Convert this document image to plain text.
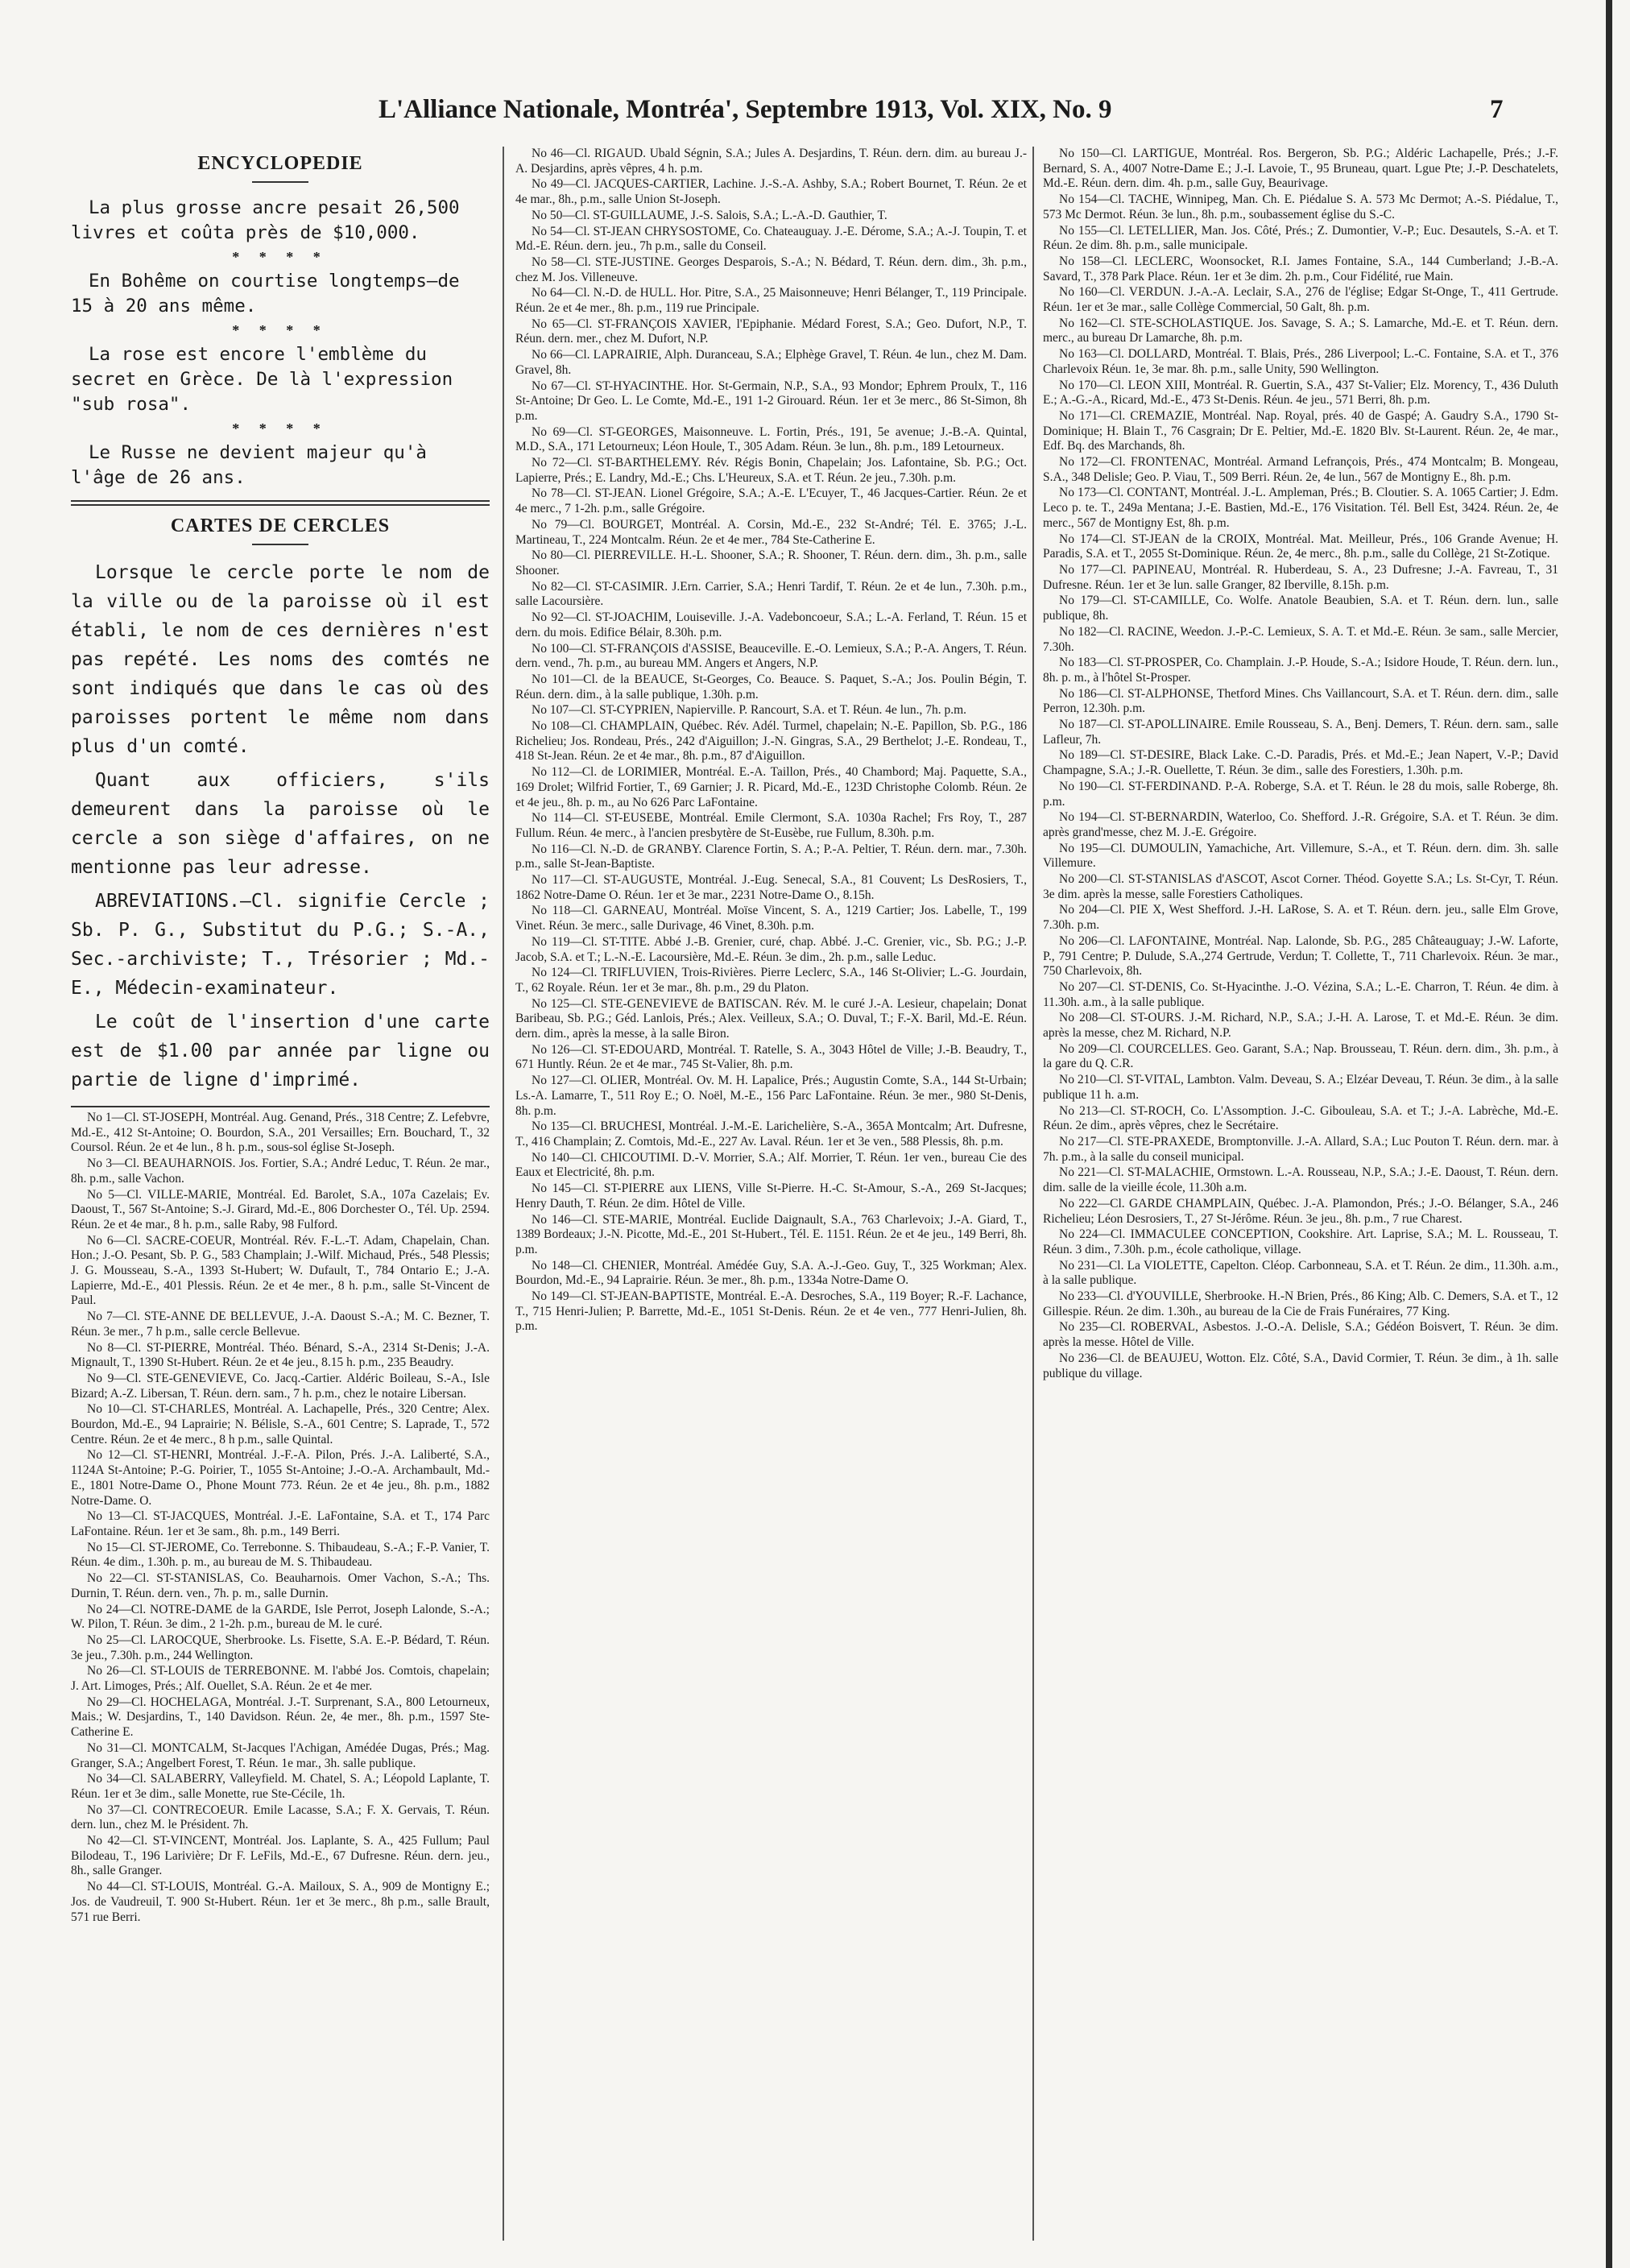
L'Alliance Nationale, Montréa', Septembre 1913, Vol. XIX, No. 9	7
ENCYCLOPEDIE

La plus grosse ancre pesait 26,500 livres et coûta près de $10,000.

* * * *

En Bohême on courtise longtemps—de 15 à 20 ans même.

* * * *

La rose est encore l'emblème du secret en Grèce. De là l'expression "sub rosa".

* * * *

Le Russe ne devient majeur qu'à l'âge de 26 ans.

CARTES DE CERCLES

Lorsque le cercle porte le nom de la ville ou de la paroisse où il est établi, le nom de ces dernières n'est pas repété. Les noms des comtés ne sont indiqués que dans le cas où des paroisses portent le même nom dans plus d'un comté.

Quant aux officiers, s'ils demeurent dans la paroisse où le cercle a son siège d'affaires, on ne mentionne pas leur adresse.

ABREVIATIONS.—Cl. signifie Cercle ; Sb. P. G., Substitut du P.G.; S.-A., Sec.-archiviste; T., Trésorier ; Md.-E., Médecin-examinateur.

Le coût de l'insertion d'une carte est de $1.00 par année par ligne ou partie de ligne d'imprimé.

No 1—Cl. ST-JOSEPH, Montréal. Aug. Genand, Prés., 318 Centre; Z. Lefebvre, Md.-E., 412 St-Antoine; O. Bourdon, S.A., 201 Versailles; Ern. Bouchard, T., 32 Coursol. Réun. 2e et 4e lun., 8 h. p.m., sous-sol église St-Joseph.

No 3—Cl. BEAUHARNOIS. Jos. Fortier, S.A.; André Leduc, T. Réun. 2e mar., 8h. p.m., salle Vachon.

No 5—Cl. VILLE-MARIE, Montréal. Ed. Barolet, S.A., 107a Cazelais; Ev. Daoust, T., 567 St-Antoine; S.-J. Girard, Md.-E., 806 Dorchester O., Tél. Up. 2594. Réun. 2e et 4e mar., 8 h. p.m., salle Raby, 98 Fulford.

No 6—Cl. SACRE-COEUR, Montréal. Rév. F.-L.-T. Adam, Chapelain, Chan. Hon.; J.-O. Pesant, Sb. P. G., 583 Champlain; J.-Wilf. Michaud, Prés., 548 Plessis; J. G. Mousseau, S.-A., 1393 St-Hubert; W. Dufault, T., 784 Ontario E.; J.-A. Lapierre, Md.-E., 401 Plessis. Réun. 2e et 4e mer., 8 h. p.m., salle St-Vincent de Paul.

No 7—Cl. STE-ANNE DE BELLEVUE, J.-A. Daoust S.-A.; M. C. Bezner, T. Réun. 3e mer., 7 h p.m., salle cercle Bellevue.

No 8—Cl. ST-PIERRE, Montréal. Théo. Bénard, S.-A., 2314 St-Denis; J.-A. Mignault, T., 1390 St-Hubert. Réun. 2e et 4e jeu., 8.15 h. p.m., 235 Beaudry.

No 9—Cl. STE-GENEVIEVE, Co. Jacq.-Cartier. Aldéric Boileau, S.-A., Isle Bizard; A.-Z. Libersan, T. Réun. dern. sam., 7 h. p.m., chez le notaire Libersan.

No 10—Cl. ST-CHARLES, Montréal. A. Lachapelle, Prés., 320 Centre; Alex. Bourdon, Md.-E., 94 Laprairie; N. Bélisle, S.-A., 601 Centre; S. Laprade, T., 572 Centre. Réun. 2e et 4e merc., 8 h p.m., salle Quintal.

No 12—Cl. ST-HENRI, Montréal. J.-F.-A. Pilon, Prés. J.-A. Laliberté, S.A., 1124A St-Antoine; P.-G. Poirier, T., 1055 St-Antoine; J.-O.-A. Archambault, Md.-E., 1801 Notre-Dame O., Phone Mount 773. Réun. 2e et 4e jeu., 8h. p.m., 1882 Notre-Dame. O.

No 13—Cl. ST-JACQUES, Montréal. J.-E. LaFontaine, S.A. et T., 174 Parc LaFontaine. Réun. 1er et 3e sam., 8h. p.m., 149 Berri.

No 15—Cl. ST-JEROME, Co. Terrebonne. S. Thibaudeau, S.-A.; F.-P. Vanier, T. Réun. 4e dim., 1.30h. p. m., au bureau de M. S. Thibaudeau.

No 22—Cl. ST-STANISLAS, Co. Beauharnois. Omer Vachon, S.-A.; Ths. Durnin, T. Réun. dern. ven., 7h. p. m., salle Durnin.

No 24—Cl. NOTRE-DAME de la GARDE, Isle Perrot, Joseph Lalonde, S.-A.; W. Pilon, T. Réun. 3e dim., 2 1-2h. p.m., bureau de M. le curé.

No 25—Cl. LAROCQUE, Sherbrooke. Ls. Fisette, S.A. E.-P. Bédard, T. Réun. 3e jeu., 7.30h. p.m., 244 Wellington.

No 26—Cl. ST-LOUIS de TERREBONNE. M. l'abbé Jos. Comtois, chapelain; J. Art. Limoges, Prés.; Alf. Ouellet, S.A. Réun. 2e et 4e mer.

No 29—Cl. HOCHELAGA, Montréal. J.-T. Surprenant, S.A., 800 Letourneux, Mais.; W. Desjardins, T., 140 Davidson. Réun. 2e, 4e mer., 8h. p.m., 1597 Ste-Catherine E.

No 31—Cl. MONTCALM, St-Jacques l'Achigan, Amédée Dugas, Prés.; Mag. Granger, S.A.; Angelbert Forest, T. Réun. 1e mar., 3h. salle publique.

No 34—Cl. SALABERRY, Valleyfield. M. Chatel, S. A.; Léopold Laplante, T. Réun. 1er et 3e dim., salle Monette, rue Ste-Cécile, 1h.

No 37—Cl. CONTRECOEUR. Emile Lacasse, S.A.; F. X. Gervais, T. Réun. dern. lun., chez M. le Président. 7h.

No 42—Cl. ST-VINCENT, Montréal. Jos. Laplante, S. A., 425 Fullum; Paul Bilodeau, T., 196 Larivière; Dr F. LeFils, Md.-E., 67 Dufresne. Réun. dern. jeu., 8h., salle Granger.

No 44—Cl. ST-LOUIS, Montréal. G.-A. Mailoux, S. A., 909 de Montigny E.; Jos. de Vaudreuil, T. 900 St-Hubert. Réun. 1er et 3e merc., 8h p.m., salle Brault, 571 rue Berri.

No 46—Cl. RIGAUD. Ubald Ségnin, S.A.; Jules A. Desjardins, T. Réun. dern. dim. au bureau J.-A. Desjardins, après vêpres, 4 h. p.m.

No 49—Cl. JACQUES-CARTIER, Lachine. J.-S.-A. Ashby, S.A.; Robert Bournet, T. Réun. 2e et 4e mar., 8h., p.m., salle Union St-Joseph.

No 50—Cl. ST-GUILLAUME, J.-S. Salois, S.A.; L.-A.-D. Gauthier, T.

No 54—Cl. ST-JEAN CHRYSOSTOME, Co. Chateauguay. J.-E. Dérome, S.A.; A.-J. Toupin, T. et Md.-E. Réun. dern. jeu., 7h p.m., salle du Conseil.

No 58—Cl. STE-JUSTINE. Georges Desparois, S.-A.; N. Bédard, T. Réun. dern. dim., 3h. p.m., chez M. Jos. Villeneuve.

No 64—Cl. N.-D. de HULL. Hor. Pitre, S.A., 25 Maisonneuve; Henri Bélanger, T., 119 Principale. Réun. 2e et 4e mer., 8h. p.m., 119 rue Principale.

No 65—Cl. ST-FRANÇOIS XAVIER, l'Epiphanie. Médard Forest, S.A.; Geo. Dufort, N.P., T. Réun. dern. mer., chez M. Dufort, N.P.

No 66—Cl. LAPRAIRIE, Alph. Duranceau, S.A.; Elphège Gravel, T. Réun. 4e lun., chez M. Dam. Gravel, 8h.

No 67—Cl. ST-HYACINTHE. Hor. St-Germain, N.P., S.A., 93 Mondor; Ephrem Proulx, T., 116 St-Antoine; Dr Geo. L. Le Comte, Md.-E., 191 1-2 Girouard. Réun. 1er et 3e merc., 86 St-Simon, 8h p.m.

No 69—Cl. ST-GEORGES, Maisonneuve. L. Fortin, Prés., 191, 5e avenue; J.-B.-A. Quintal, M.D., S.A., 171 Letourneux; Léon Houle, T., 305 Adam. Réun. 3e lun., 8h. p.m., 189 Letourneux.

No 72—Cl. ST-BARTHELEMY. Rév. Régis Bonin, Chapelain; Jos. Lafontaine, Sb. P.G.; Oct. Lapierre, Prés.; E. Landry, Md.-E.; Chs. L'Heureux, S.A. et T. Réun. 2e jeu., 7.30h. p.m.

No 78—Cl. ST-JEAN. Lionel Grégoire, S.A.; A.-E. L'Ecuyer, T., 46 Jacques-Cartier. Réun. 2e et 4e merc., 7 1-2h. p.m., salle Grégoire.

No 79—Cl. BOURGET, Montréal. A. Corsin, Md.-E., 232 St-André; Tél. E. 3765; J.-L. Martineau, T., 224 Montcalm. Réun. 2e et 4e mer., 784 Ste-Catherine E.

No 80—Cl. PIERREVILLE. H.-L. Shooner, S.A.; R. Shooner, T. Réun. dern. dim., 3h. p.m., salle Shooner.

No 82—Cl. ST-CASIMIR. J.Ern. Carrier, S.A.; Henri Tardif, T. Réun. 2e et 4e lun., 7.30h. p.m., salle Lacoursière.

No 92—Cl. ST-JOACHIM, Louiseville. J.-A. Vadeboncoeur, S.A.; L.-A. Ferland, T. Réun. 15 et dern. du mois. Edifice Bélair, 8.30h. p.m.

No 100—Cl. ST-FRANÇOIS d'ASSISE, Beauceville. E.-O. Lemieux, S.A.; P.-A. Angers, T. Réun. dern. vend., 7h. p.m., au bureau MM. Angers et Angers, N.P.

No 101—Cl. de la BEAUCE, St-Georges, Co. Beauce. S. Paquet, S.-A.; Jos. Poulin Bégin, T. Réun. dern. dim., à la salle publique, 1.30h. p.m.

No 107—Cl. ST-CYPRIEN, Napierville. P. Rancourt, S.A. et T. Réun. 4e lun., 7h. p.m.

No 108—Cl. CHAMPLAIN, Québec. Rév. Adél. Turmel, chapelain; N.-E. Papillon, Sb. P.G., 186 Richelieu; Jos. Rondeau, Prés., 242 d'Aiguillon; J.-N. Gingras, S.A., 29 Berthelot; J.-E. Rondeau, T., 418 St-Jean. Réun. 2e et 4e mar., 8h. p.m., 87 d'Aiguillon.

No 112—Cl. de LORIMIER, Montréal. E.-A. Taillon, Prés., 40 Chambord; Maj. Paquette, S.A., 169 Drolet; Wilfrid Fortier, T., 69 Garnier; J. R. Picard, Md.-E., 123D Christophe Colomb. Réun. 2e et 4e jeu., 8h. p. m., au No 626 Parc LaFontaine.

No 114—Cl. ST-EUSEBE, Montréal. Emile Clermont, S.A. 1030a Rachel; Frs Roy, T., 287 Fullum. Réun. 4e merc., à l'ancien presbytère de St-Eusèbe, rue Fullum, 8.30h. p.m.

No 116—Cl. N.-D. de GRANBY. Clarence Fortin, S. A.; P.-A. Peltier, T. Réun. dern. mar., 7.30h. p.m., salle St-Jean-Baptiste.

No 117—Cl. ST-AUGUSTE, Montréal. J.-Eug. Senecal, S.A., 81 Couvent; Ls DesRosiers, T., 1862 Notre-Dame O. Réun. 1er et 3e mar., 2231 Notre-Dame O., 8.15h.

No 118—Cl. GARNEAU, Montréal. Moïse Vincent, S. A., 1219 Cartier; Jos. Labelle, T., 199 Vinet. Réun. 3e merc., salle Durivage, 46 Vinet, 8.30h. p.m.

No 119—Cl. ST-TITE. Abbé J.-B. Grenier, curé, chap. Abbé. J.-C. Grenier, vic., Sb. P.G.; J.-P. Jacob, S.A. et T.; L.-N.-E. Lacoursière, Md.-E. Réun. 3e dim., 2h. p.m., salle Leduc.

No 124—Cl. TRIFLUVIEN, Trois-Rivières. Pierre Leclerc, S.A., 146 St-Olivier; L.-G. Jourdain, T., 62 Royale. Réun. 1er et 3e mar., 8h. p.m., 29 du Platon.

No 125—Cl. STE-GENEVIEVE de BATISCAN. Rév. M. le curé J.-A. Lesieur, chapelain; Donat Baribeau, Sb. P.G.; Géd. Lanlois, Prés.; Alex. Veilleux, S.A.; O. Duval, T.; F.-X. Baril, Md.-E. Réun. dern. dim., après la messe, à la salle Biron.

No 126—Cl. ST-EDOUARD, Montréal. T. Ratelle, S. A., 3043 Hôtel de Ville; J.-B. Beaudry, T., 671 Huntly. Réun. 2e et 4e mar., 745 St-Valier, 8h. p.m.

No 127—Cl. OLIER, Montréal. Ov. M. H. Lapalice, Prés.; Augustin Comte, S.A., 144 St-Urbain; Ls.-A. Lamarre, T., 511 Roy E.; O. Noël, M.-E., 156 Parc LaFontaine. Réun. 3e mer., 980 St-Denis, 8h. p.m.

No 135—Cl. BRUCHESI, Montréal. J.-M.-E. Larichelière, S.-A., 365A Montcalm; Art. Dufresne, T., 416 Champlain; Z. Comtois, Md.-E., 227 Av. Laval. Réun. 1er et 3e ven., 588 Plessis, 8h. p.m.

No 140—Cl. CHICOUTIMI. D.-V. Morrier, S.A.; Alf. Morrier, T. Réun. 1er ven., bureau Cie des Eaux et Electricité, 8h. p.m.

No 145—Cl. ST-PIERRE aux LIENS, Ville St-Pierre. H.-C. St-Amour, S.-A., 269 St-Jacques; Henry Dauth, T. Réun. 2e dim. Hôtel de Ville.

No 146—Cl. STE-MARIE, Montréal. Euclide Daignault, S.A., 763 Charlevoix; J.-A. Giard, T., 1389 Bordeaux; J.-N. Picotte, Md.-E., 201 St-Hubert., Tél. E. 1151. Réun. 2e et 4e jeu., 149 Berri, 8h. p.m.

No 148—Cl. CHENIER, Montréal. Amédée Guy, S.A. A.-J.-Geo. Guy, T., 325 Workman; Alex. Bourdon, Md.-E., 94 Laprairie. Réun. 3e mer., 8h. p.m., 1334a Notre-Dame O.

No 149—Cl. ST-JEAN-BAPTISTE, Montréal. E.-A. Desroches, S.A., 119 Boyer; R.-F. Lachance, T., 715 Henri-Julien; P. Barrette, Md.-E., 1051 St-Denis. Réun. 2e et 4e ven., 777 Henri-Julien, 8h. p.m.

No 150—Cl. LARTIGUE, Montréal. Ros. Bergeron, Sb. P.G.; Aldéric Lachapelle, Prés.; J.-F. Bernard, S. A., 4007 Notre-Dame E.; J.-I. Lavoie, T., 95 Bruneau, quart. Lgue Pte; J.-P. Deschatelets, Md.-E. Réun. dern. dim. 4h. p.m., salle Guy, Beaurivage.

No 154—Cl. TACHE, Winnipeg, Man. Ch. E. Piédalue S. A. 573 Mc Dermot; A.-S. Piédalue, T., 573 Mc Dermot. Réun. 3e lun., 8h. p.m., soubassement église du S.-C.

No 155—Cl. LETELLIER, Man. Jos. Côté, Prés.; Z. Dumontier, V.-P.; Euc. Desautels, S.-A. et T. Réun. 2e dim. 8h. p.m., salle municipale.

No 158—Cl. LECLERC, Woonsocket, R.I. James Fontaine, S.A., 144 Cumberland; J.-B.-A. Savard, T., 378 Park Place. Réun. 1er et 3e dim. 2h. p.m., Cour Fidélité, rue Main.

No 160—Cl. VERDUN. J.-A.-A. Leclair, S.A., 276 de l'église; Edgar St-Onge, T., 411 Gertrude. Réun. 1er et 3e mar., salle Collège Commercial, 50 Galt, 8h. p.m.

No 162—Cl. STE-SCHOLASTIQUE. Jos. Savage, S. A.; S. Lamarche, Md.-E. et T. Réun. dern. merc., au bureau Dr Lamarche, 8h. p.m.

No 163—Cl. DOLLARD, Montréal. T. Blais, Prés., 286 Liverpool; L.-C. Fontaine, S.A. et T., 376 Charlevoix Réun. 1e, 3e mar. 8h. p.m., salle Unity, 590 Wellington.

No 170—Cl. LEON XIII, Montréal. R. Guertin, S.A., 437 St-Valier; Elz. Morency, T., 436 Duluth E.; A.-G.-A., Ricard, Md.-E., 473 St-Denis. Réun. 4e jeu., 571 Berri, 8h. p.m.

No 171—Cl. CREMAZIE, Montréal. Nap. Royal, prés. 40 de Gaspé; A. Gaudry S.A., 1790 St-Dominique; H. Blain T., 76 Casgrain; Dr E. Peltier, Md.-E. 1820 Blv. St-Laurent. Réun. 2e, 4e mar., Edf. Bq. des Marchands, 8h.

No 172—Cl. FRONTENAC, Montréal. Armand Lefrançois, Prés., 474 Montcalm; B. Mongeau, S.A., 348 Delisle; Geo. P. Viau, T., 509 Berri. Réun. 2e, 4e lun., 567 de Montigny E., 8h. p.m.

No 173—Cl. CONTANT, Montréal. J.-L. Ampleman, Prés.; B. Cloutier. S. A. 1065 Cartier; J. Edm. Leco p. te. T., 249a Mentana; J.-E. Bastien, Md.-E., 176 Visitation. Tél. Bell Est, 3424. Réun. 2e, 4e merc., 567 de Montigny Est, 8h. p.m.

No 174—Cl. ST-JEAN de la CROIX, Montréal. Mat. Meilleur, Prés., 106 Grande Avenue; H. Paradis, S.A. et T., 2055 St-Dominique. Réun. 2e, 4e merc., 8h. p.m., salle du Collège, 21 St-Zotique.

No 177—Cl. PAPINEAU, Montréal. R. Huberdeau, S. A., 23 Dufresne; J.-A. Favreau, T., 31 Dufresne. Réun. 1er et 3e lun. salle Granger, 82 Iberville, 8.15h. p.m.

No 179—Cl. ST-CAMILLE, Co. Wolfe. Anatole Beaubien, S.A. et T. Réun. dern. lun., salle publique, 8h.

No 182—Cl. RACINE, Weedon. J.-P.-C. Lemieux, S. A. T. et Md.-E. Réun. 3e sam., salle Mercier, 7.30h.

No 183—Cl. ST-PROSPER, Co. Champlain. J.-P. Houde, S.-A.; Isidore Houde, T. Réun. dern. lun., 8h. p. m., à l'hôtel St-Prosper.

No 186—Cl. ST-ALPHONSE, Thetford Mines. Chs Vaillancourt, S.A. et T. Réun. dern. dim., salle Perron, 12.30h. p.m.

No 187—Cl. ST-APOLLINAIRE. Emile Rousseau, S. A., Benj. Demers, T. Réun. dern. sam., salle Lafleur, 7h.

No 189—Cl. ST-DESIRE, Black Lake. C.-D. Paradis, Prés. et Md.-E.; Jean Napert, V.-P.; David Champagne, S.A.; J.-R. Ouellette, T. Réun. 3e dim., salle des Forestiers, 1.30h. p.m.

No 190—Cl. ST-FERDINAND. P.-A. Roberge, S.A. et T. Réun. le 28 du mois, salle Roberge, 8h. p.m.

No 194—Cl. ST-BERNARDIN, Waterloo, Co. Shefford. J.-R. Grégoire, S.A. et T. Réun. 3e dim. après grand'messe, chez M. J.-E. Grégoire.

No 195—Cl. DUMOULIN, Yamachiche, Art. Villemure, S.-A., et T. Réun. dern. dim. 3h. salle Villemure.

No 200—Cl. ST-STANISLAS d'ASCOT, Ascot Corner. Théod. Goyette S.A.; Ls. St-Cyr, T. Réun. 3e dim. après la messe, salle Forestiers Catholiques.

No 204—Cl. PIE X, West Shefford. J.-H. LaRose, S. A. et T. Réun. dern. jeu., salle Elm Grove, 7.30h. p.m.

No 206—Cl. LAFONTAINE, Montréal. Nap. Lalonde, Sb. P.G., 285 Châteauguay; J.-W. Laforte, P., 791 Centre; P. Dulude, S.A.,274 Gertrude, Verdun; T. Collette, T., 711 Charlevoix. Réun. 3e mar., 750 Charlevoix, 8h.

No 207—Cl. ST-DENIS, Co. St-Hyacinthe. J.-O. Vézina, S.A.; L.-E. Charron, T. Réun. 4e dim. à 11.30h. a.m., à la salle publique.

No 208—Cl. ST-OURS. J.-M. Richard, N.P., S.A.; J.-H. A. Larose, T. et Md.-E. Réun. 3e dim. après la messe, chez M. Richard, N.P.

No 209—Cl. COURCELLES. Geo. Garant, S.A.; Nap. Brousseau, T. Réun. dern. dim., 3h. p.m., à la gare du Q. C.R.

No 210—Cl. ST-VITAL, Lambton. Valm. Deveau, S. A.; Elzéar Deveau, T. Réun. 3e dim., à la salle publique 11 h. a.m.

No 213—Cl. ST-ROCH, Co. L'Assomption. J.-C. Gibouleau, S.A. et T.; J.-A. Labrèche, Md.-E. Réun. 2e dim., après vêpres, chez le Secrétaire.

No 217—Cl. STE-PRAXEDE, Bromptonville. J.-A. Allard, S.A.; Luc Pouton T. Réun. dern. mar. à 7h. p.m., à la salle du conseil municipal.

No 221—Cl. ST-MALACHIE, Ormstown. L.-A. Rousseau, N.P., S.A.; J.-E. Daoust, T. Réun. dern. dim. salle de la vieille école, 11.30h a.m.

No 222—Cl. GARDE CHAMPLAIN, Québec. J.-A. Plamondon, Prés.; J.-O. Bélanger, S.A., 246 Richelieu; Léon Desrosiers, T., 27 St-Jérôme. Réun. 3e jeu., 8h. p.m., 7 rue Charest.

No 224—Cl. IMMACULEE CONCEPTION, Cookshire. Art. Laprise, S.A.; M. L. Rousseau, T. Réun. 3 dim., 7.30h. p.m., école catholique, village.

No 231—Cl. La VIOLETTE, Capelton. Cléop. Carbonneau, S.A. et T. Réun. 2e dim., 11.30h. a.m., à la salle publique.

No 233—Cl. d'YOUVILLE, Sherbrooke. H.-N Brien, Prés., 86 King; Alb. C. Demers, S.A. et T., 12 Gillespie. Réun. 2e dim. 1.30h., au bureau de la Cie de Frais Funéraires, 77 King.

No 235—Cl. ROBERVAL, Asbestos. J.-O.-A. Delisle, S.A.; Gédéon Boisvert, T. Réun. 3e dim. après la messe. Hôtel de Ville.

No 236—Cl. de BEAUJEU, Wotton. Elz. Côté, S.A., David Cormier, T. Réun. 3e dim., à 1h. salle publique du village.
